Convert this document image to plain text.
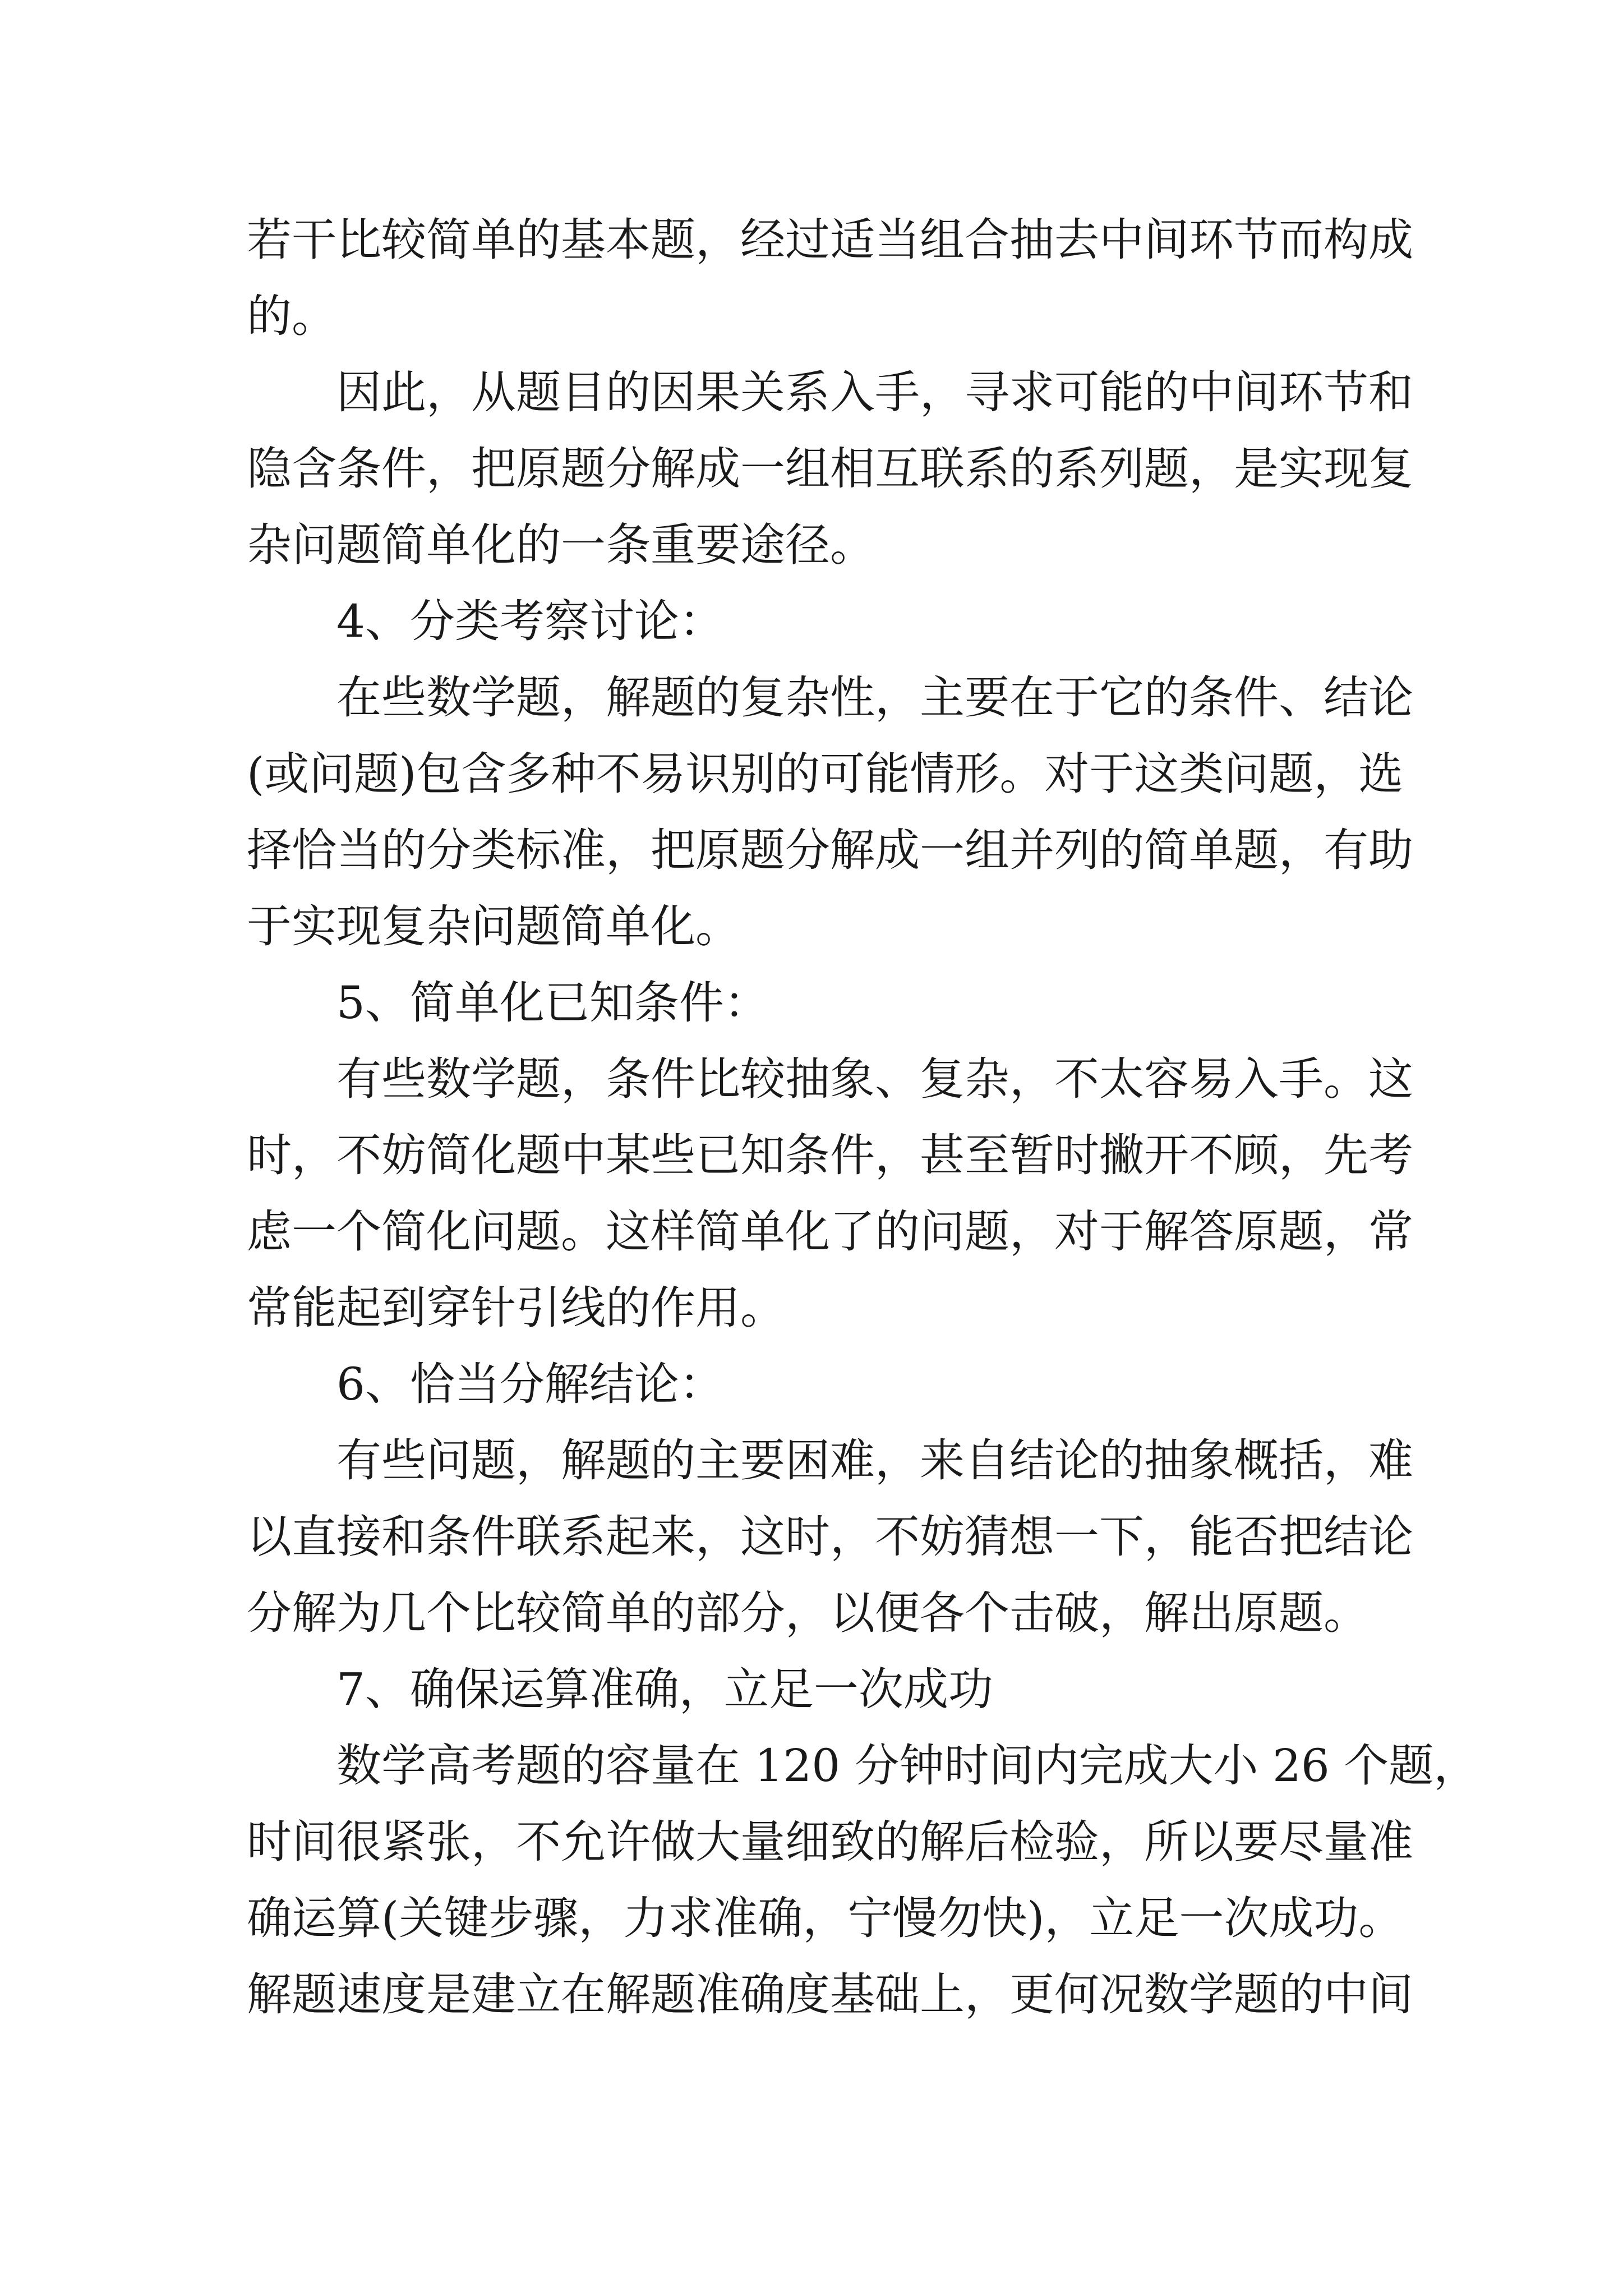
若干比较简单的基本题，经过适当组合抽去中间环节而构成
的。
因此，从题目的因果关系入手，寻求可能的中间环节和
隐含条件，把原题分解成一组相互联系的系列题，是实现复
杂问题简单化的一条重要途径。
4、分类考察讨论：
在些数学题，解题的复杂性，主要在于它的条件、结论
(或问题)包含多种不易识别的可能情形。对于这类问题，选
择恰当的分类标准，把原题分解成一组并列的简单题，有助
于实现复杂问题简单化。
5、简单化已知条件：
有些数学题，条件比较抽象、复杂，不太容易入手。这
时，不妨简化题中某些已知条件，甚至暂时撇开不顾，先考
虑一个简化问题。这样简单化了的问题，对于解答原题，常
常能起到穿针引线的作用。
6、恰当分解结论：
有些问题，解题的主要困难，来自结论的抽象概括，难
以直接和条件联系起来，这时，不妨猜想一下，能否把结论
分解为几个比较简单的部分，以便各个击破，解出原题。
7、确保运算准确，立足一次成功
数学高考题的容量在 120 分钟时间内完成大小 26 个题，
时间很紧张，不允许做大量细致的解后检验，所以要尽量准
确运算(关键步骤，力求准确，宁慢勿快)，立足一次成功。
解题速度是建立在解题准确度基础上，更何况数学题的中间
